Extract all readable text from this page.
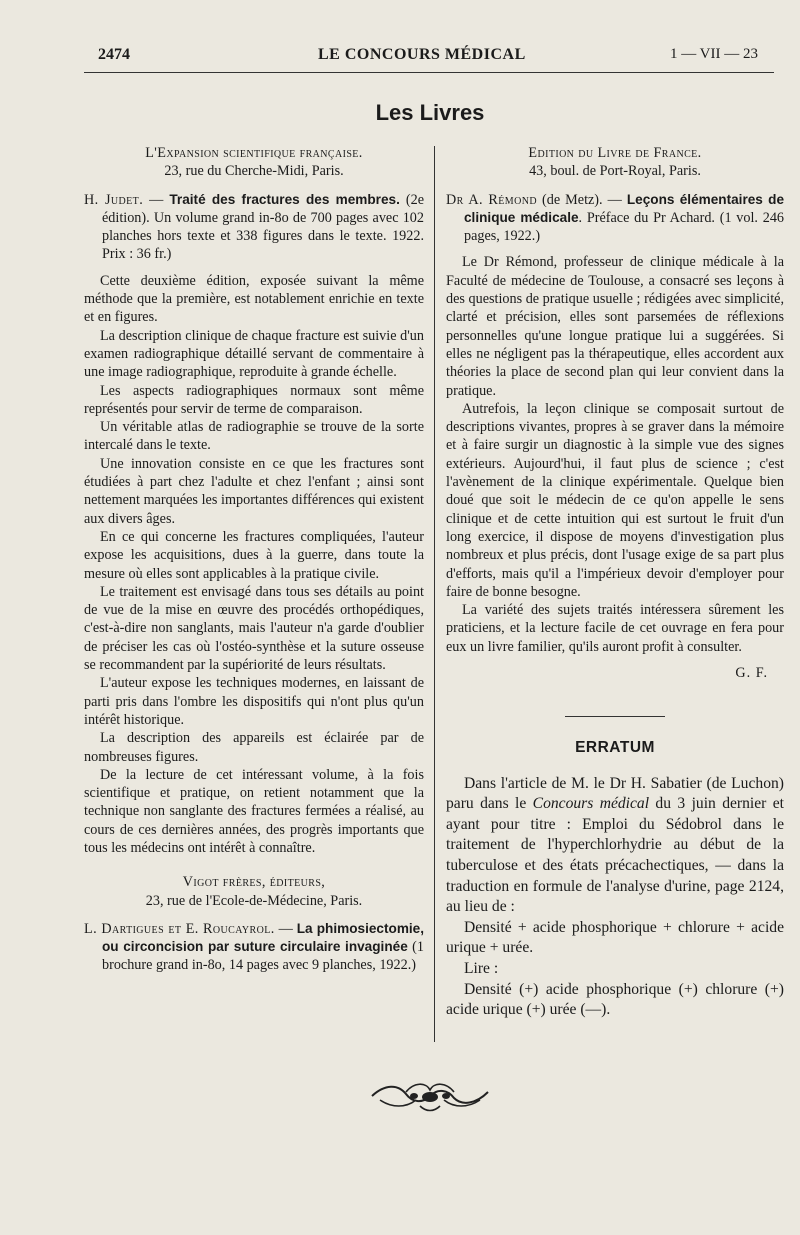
2474	LE CONCOURS MÉDICAL	1 — VII — 23
Les Livres
L'Expansion scientifique française.
23, rue du Cherche-Midi, Paris.
H. Judet. — Traité des fractures des membres. (2e édition). Un volume grand in-8o de 700 pages avec 102 planches hors texte et 338 figures dans le texte. 1922. Prix : 36 fr.)

Cette deuxième édition, exposée suivant la même méthode que la première, est notablement enrichie en texte et en figures.

La description clinique de chaque fracture est suivie d'un examen radiographique détaillé servant de commentaire à une image radiographique, reproduite à grande échelle.

Les aspects radiographiques normaux sont même représentés pour servir de terme de comparaison.

Un véritable atlas de radiographie se trouve de la sorte intercalé dans le texte.

Une innovation consiste en ce que les fractures sont étudiées à part chez l'adulte et chez l'enfant ; ainsi sont nettement marquées les importantes différences qui existent aux divers âges.

En ce qui concerne les fractures compliquées, l'auteur expose les acquisitions, dues à la guerre, dans toute la mesure où elles sont applicables à la pratique civile.

Le traitement est envisagé dans tous ses détails au point de vue de la mise en œuvre des procédés orthopédiques, c'est-à-dire non sanglants, mais l'auteur n'a garde d'oublier de préciser les cas où l'ostéo-synthèse et la suture osseuse se recommandent par la supériorité de leurs résultats.

L'auteur expose les techniques modernes, en laissant de parti pris dans l'ombre les dispositifs qui n'ont plus qu'un intérêt historique.

La description des appareils est éclairée par de nombreuses figures.

De la lecture de cet intéressant volume, à la fois scientifique et pratique, on retient notamment que la technique non sanglante des fractures fermées a réalisé, au cours de ces dernières années, des progrès importants que tous les médecins ont intérêt à connaître.

Vigot frères, éditeurs,
23, rue de l'Ecole-de-Médecine, Paris.
L. Dartigues et E. Roucayrol. — La phimosiectomie, ou circoncision par suture circulaire invaginée (1 brochure grand in-8o, 14 pages avec 9 planches, 1922.)
Edition du Livre de France.
43, boul. de Port-Royal, Paris.
Dr A. Rémond (de Metz). — Leçons élémentaires de clinique médicale. Préface du Pr Achard. (1 vol. 246 pages, 1922.)

Le Dr Rémond, professeur de clinique médicale à la Faculté de médecine de Toulouse, a consacré ses leçons à des questions de pratique usuelle ; rédigées avec simplicité, clarté et précision, elles sont parsemées de réflexions personnelles qu'une longue pratique lui a suggérées. Si elles ne négligent pas la thérapeutique, elles accordent aux théories la place de second plan qui leur convient dans la pratique.

Autrefois, la leçon clinique se composait surtout de descriptions vivantes, propres à se graver dans la mémoire et à faire surgir un diagnostic à la simple vue des signes extérieurs. Aujourd'hui, il faut plus de science ; c'est l'avènement de la clinique expérimentale. Quelque bien doué que soit le médecin de ce qu'on appelle le sens clinique et de cette intuition qui est surtout le fruit d'un long exercice, il dispose de moyens d'investigation plus nombreux et plus précis, dont l'usage exige de sa part plus d'efforts, mais qu'il a l'impérieux devoir d'employer pour faire de bonne besogne.

La variété des sujets traités intéressera sûrement les praticiens, et la lecture facile de cet ouvrage en fera pour eux un livre familier, qu'ils auront profit à consulter.

G. F.
ERRATUM

Dans l'article de M. le Dr H. Sabatier (de Luchon) paru dans le Concours médical du 3 juin dernier et ayant pour titre : Emploi du Sédobrol dans le traitement de l'hyperchlorhydrie au début de la tuberculose et des états précachectiques, — dans la traduction en formule de l'analyse d'urine, page 2124, au lieu de :

Densité + acide phosphorique + chlorure + acide urique + urée.

Lire :

Densité (+) acide phosphorique (+) chlorure (+) acide urique (+) urée (—).
